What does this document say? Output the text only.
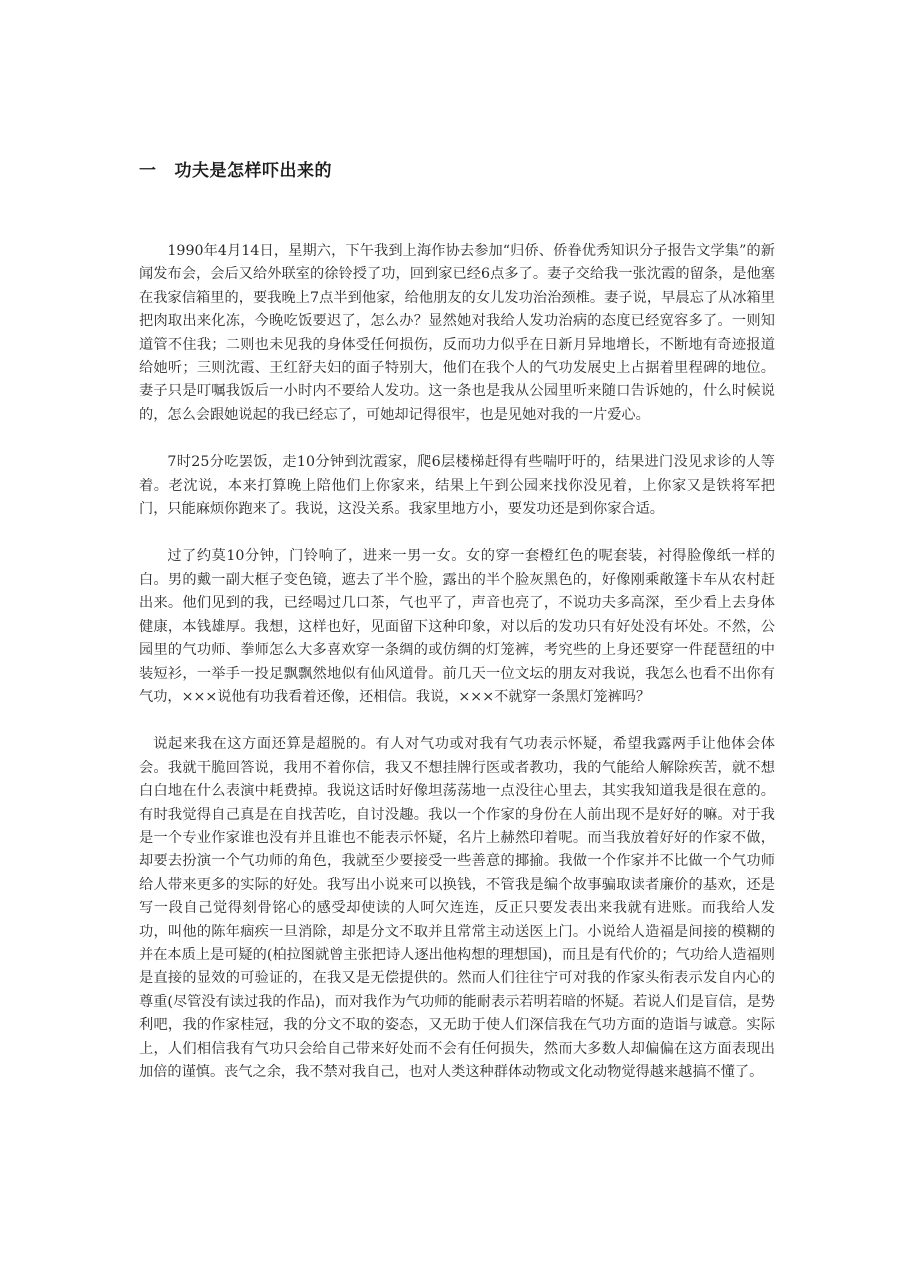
一 功夫是怎样吓出来的

1990年4月14日，星期六，下午我到上海作协去参加“归侨、侨眷优秀知识分子报告文学集”的新闻发布会，会后又给外联室的徐铃授了功，回到家已经6点多了。妻子交给我一张沈霞的留条，是他塞在我家信箱里的，要我晚上7点半到他家，给他朋友的女儿发功治治颈椎。妻子说，早晨忘了从冰箱里把肉取出来化冻，今晚吃饭要迟了，怎么办？显然她对我给人发功治病的态度已经宽容多了。一则知道管不住我；二则也未见我的身体受任何损伤，反而功力似乎在日新月异地增长，不断地有奇迹报道给她听；三则沈霞、王红舒夫妇的面子特别大，他们在我个人的气功发展史上占据着里程碑的地位。妻子只是叮嘱我饭后一小时内不要给人发功。这一条也是我从公园里听来随口告诉她的，什么时候说的，怎么会跟她说起的我已经忘了，可她却记得很牢，也是见她对我的一片爱心。

7时25分吃罢饭，走10分钟到沈霞家，爬6层楼梯赶得有些喘吁吁的，结果进门没见求诊的人等着。老沈说，本来打算晚上陪他们上你家来，结果上午到公园来找你没见着，上你家又是铁将军把门，只能麻烦你跑来了。我说，这没关系。我家里地方小，要发功还是到你家合适。

过了约莫10分钟，门铃响了，进来一男一女。女的穿一套橙红色的呢套装，衬得脸像纸一样的白。男的戴一副大框子变色镜，遮去了半个脸，露出的半个脸灰黑色的，好像刚乘敞篷卡车从农村赶出来。他们见到的我，已经喝过几口茶，气也平了，声音也亮了，不说功夫多高深，至少看上去身体健康，本钱雄厚。我想，这样也好，见面留下这种印象，对以后的发功只有好处没有坏处。不然，公园里的气功师、拳师怎么大多喜欢穿一条绸的或仿绸的灯笼裤，考究些的上身还要穿一件琵琶纽的中装短衫，一举手一投足飘飘然地似有仙风道骨。前几天一位文坛的朋友对我说，我怎么也看不出你有气功，×××说他有功我看着还像，还相信。我说，×××不就穿一条黑灯笼裤吗？

说起来我在这方面还算是超脱的。有人对气功或对我有气功表示怀疑，希望我露两手让他体会体会。我就干脆回答说，我用不着你信，我又不想挂牌行医或者教功，我的气能给人解除疾苦，就不想白白地在什么表演中耗费掉。我说这话时好像坦荡荡地一点没往心里去，其实我知道我是很在意的。有时我觉得自己真是在自找苦吃，自讨没趣。我以一个作家的身份在人前出现不是好好的嘛。对于我是一个专业作家谁也没有并且谁也不能表示怀疑，名片上赫然印着呢。而当我放着好好的作家不做，却要去扮演一个气功师的角色，我就至少要接受一些善意的揶揄。我做一个作家并不比做一个气功师给人带来更多的实际的好处。我写出小说来可以换钱，不管我是编个故事骗取读者廉价的基欢，还是写一段自己觉得刻骨铭心的感受却使读的人呵欠连连，反正只要发表出来我就有进账。而我给人发功，叫他的陈年痼疾一旦消除，却是分文不取并且常常主动送医上门。小说给人造福是间接的模糊的并在本质上是可疑的(柏拉图就曾主张把诗人逐出他构想的理想国)，而且是有代价的；气功给人造福则是直接的显效的可验证的，在我又是无偿提供的。然而人们往往宁可对我的作家头衔表示发自内心的尊重(尽管没有读过我的作品)，而对我作为气功师的能耐表示若明若暗的怀疑。若说人们是盲信，是势利吧，我的作家桂冠，我的分文不取的姿态，又无助于使人们深信我在气功方面的造诣与诚意。实际上，人们相信我有气功只会给自己带来好处而不会有任何损失，然而大多数人却偏偏在这方面表现出加倍的谨慎。丧气之余，我不禁对我自己，也对人类这种群体动物或文化动物觉得越来越搞不懂了。
